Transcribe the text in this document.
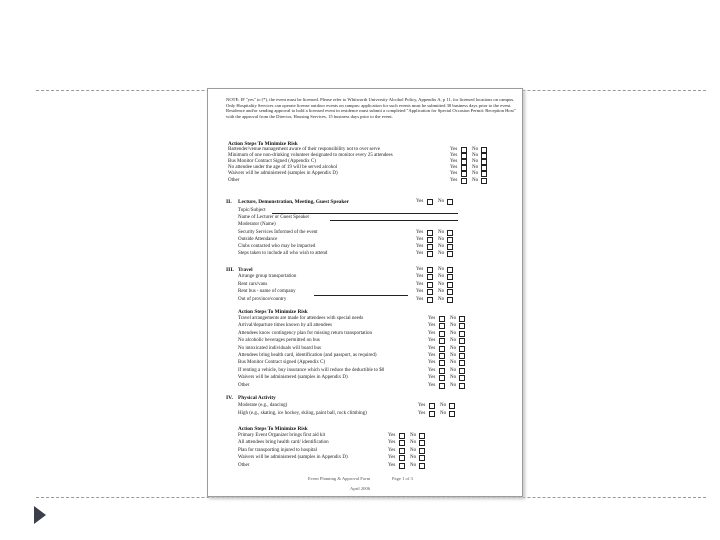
NOTE: IF "yes" to (*), the event must be licensed. Please refer to Whitworth University Alcohol Policy, Appendix A, p 11, for licensed locations on campus. Only Hospitality Services can operate license outdoor events on campus: application for such events must be submitted 30 business days prior to the event. Residence and/or sending approval to hold a licensed event in residence must submit a completed "Application for Special Occasion Permit: Reception Host" with the approval from the Director, Housing Services, 15 business days prior to the event.
Action Steps To Minimize Risk
Bartender/venue management aware of their responsibility not to over serve	Yes	No
Minimum of one non-drinking volunteer designated to monitor every 25 attendees	Yes	No
Bus Monitor Contract Signed (Appendix C)	Yes	No
No attendee under the age of 19 will be served alcohol	Yes	No
Waivers will be administered (samples in Appendix D)	Yes	No
Other	Yes	No
II. Lecture, Demonstration, Meeting, Guest Speaker	Yes	No
Topic/Subject
Name of Lecturer or Guest Speaker
Moderator (Name)
Security Services Informed of the event	Yes	No
Outside Attendance	Yes	No
Clubs contacted who may be impacted	Yes	No
Steps taken to include all who wish to attend	Yes	No
III. Travel	Yes	No
Arrange group transportation	Yes	No
Rent cars/vans	Yes	No
Rent bus - name of company	Yes	No
Out of province/country	Yes	No
Action Steps To Minimize Risk
Travel arrangements are made for attendees with special needs	Yes	No
Arrival/departure times known by all attendees	Yes	No
Attendees know contingency plan for missing return transportation	Yes	No
No alcoholic beverages permitted on bus	Yes	No
No intoxicated individuals will board bus	Yes	No
Attendees bring health card, identification (and passport, as required)	Yes	No
Bus Monitor Contract signed (Appendix C)	Yes	No
If renting a vehicle, buy insurance which will reduce the deductible to $0	Yes	No
Waivers will be administered (samples in Appendix D)	Yes	No
Other	Yes	No
IV. Physical Activity
Moderate (e.g., dancing)	Yes	No
High (e.g., skating, ice hockey, skiing, paint ball, rock climbing)	Yes	No
Action Steps To Minimize Risk
Primary Event Organizer brings first aid kit	Yes	No
All attendees bring health card/ identification	Yes	No
Plan for transporting injured to hospital	Yes	No
Waivers will be administered (samples in Appendix D)	Yes	No
Other	Yes	No
Event Planning & Approval Form	Page 1 of 3
April 2006
